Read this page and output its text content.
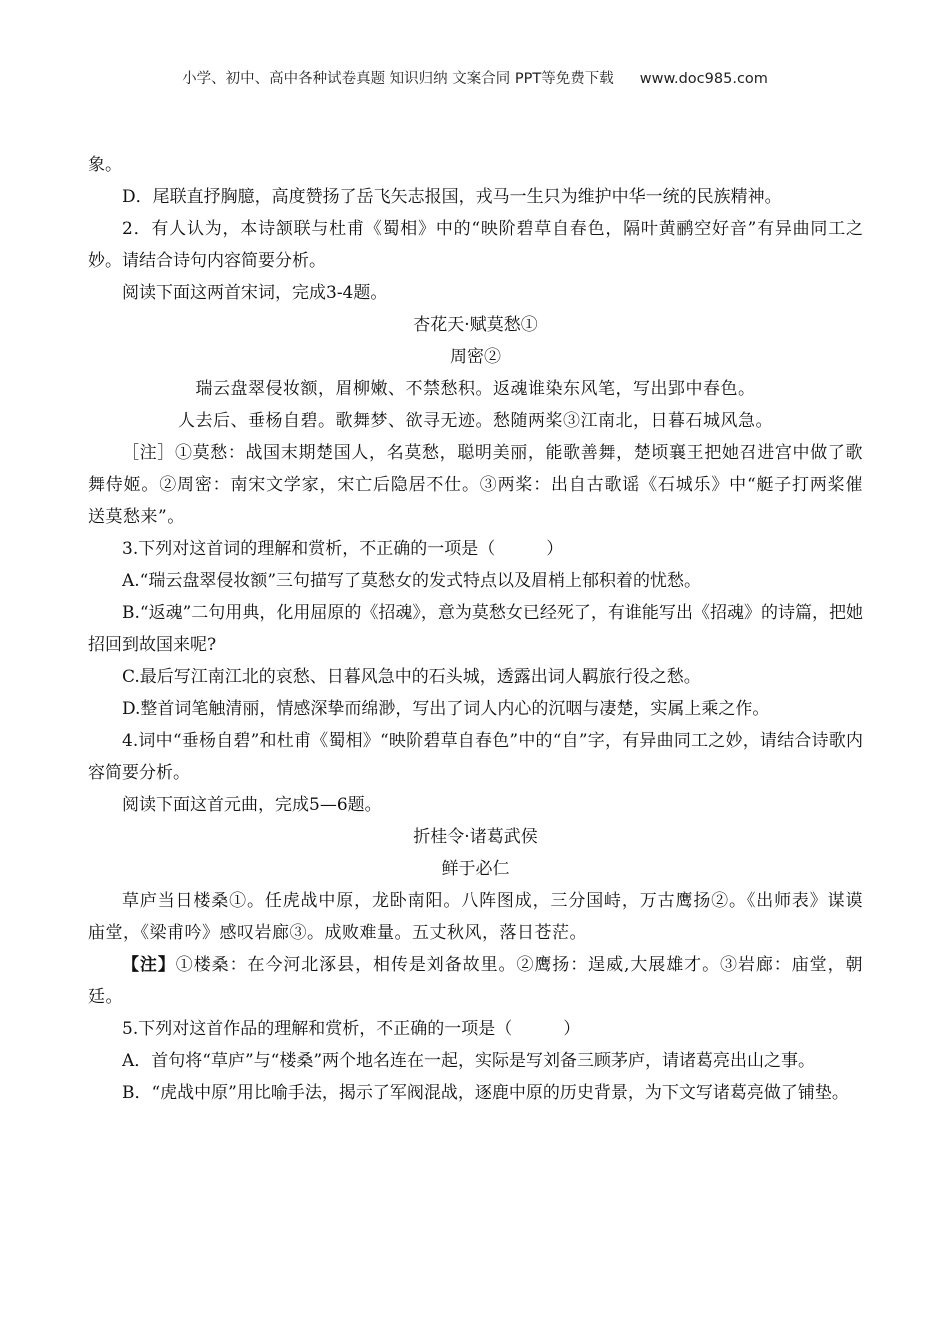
小学、初中、高中各种试卷真题 知识归纳 文案合同 PPT等免费下载 www.doc985.com

象。

D．尾联直抒胸臆，高度赞扬了岳飞矢志报国，戎马一生只为维护中华一统的民族精神。

2．有人认为，本诗颔联与杜甫《蜀相》中的“映阶碧草自春色，隔叶黄鹂空好音”有异曲同工之妙。请结合诗句内容简要分析。

阅读下面这两首宋词，完成3-4题。

杏花天·赋莫愁①

周密②

瑞云盘翠侵妆额，眉柳嫩、不禁愁积。返魂谁染东风笔，写出郢中春色。

人去后、垂杨自碧。歌舞梦、欲寻无迹。愁随两桨③江南北，日暮石城风急。

［注］①莫愁：战国末期楚国人，名莫愁，聪明美丽，能歌善舞，楚顷襄王把她召进宫中做了歌舞侍姬。②周密：南宋文学家，宋亡后隐居不仕。③两桨：出自古歌谣《石城乐》中“艇子打两桨催送莫愁来”。

3.下列对这首词的理解和赏析，不正确的一项是（　　　）

A.“瑞云盘翠侵妆额”三句描写了莫愁女的发式特点以及眉梢上郁积着的忧愁。

B.“返魂”二句用典，化用屈原的《招魂》，意为莫愁女已经死了，有谁能写出《招魂》的诗篇，把她招回到故国来呢?

C.最后写江南江北的哀愁、日暮风急中的石头城，透露出词人羁旅行役之愁。

D.整首词笔触清丽，情感深挚而绵渺，写出了词人内心的沉咽与凄楚，实属上乘之作。

4.词中“垂杨自碧”和杜甫《蜀相》“映阶碧草自春色”中的“自”字，有异曲同工之妙，请结合诗歌内容简要分析。

阅读下面这首元曲，完成5—6题。

折桂令·诸葛武侯

鲜于必仁

草庐当日楼桑①。任虎战中原，龙卧南阳。八阵图成，三分国峙，万古鹰扬②。《出师表》谋谟庙堂，《梁甫吟》感叹岩廊③。成败难量。五丈秋风，落日苍茫。

【注】①楼桑：在今河北涿县，相传是刘备故里。②鹰扬：逞威,大展雄才。③岩廊：庙堂，朝廷。

5.下列对这首作品的理解和赏析，不正确的一项是（　　　）

A．首句将“草庐”与“楼桑”两个地名连在一起，实际是写刘备三顾茅庐，请诸葛亮出山之事。

B．“虎战中原”用比喻手法，揭示了军阀混战，逐鹿中原的历史背景，为下文写诸葛亮做了铺垫。
